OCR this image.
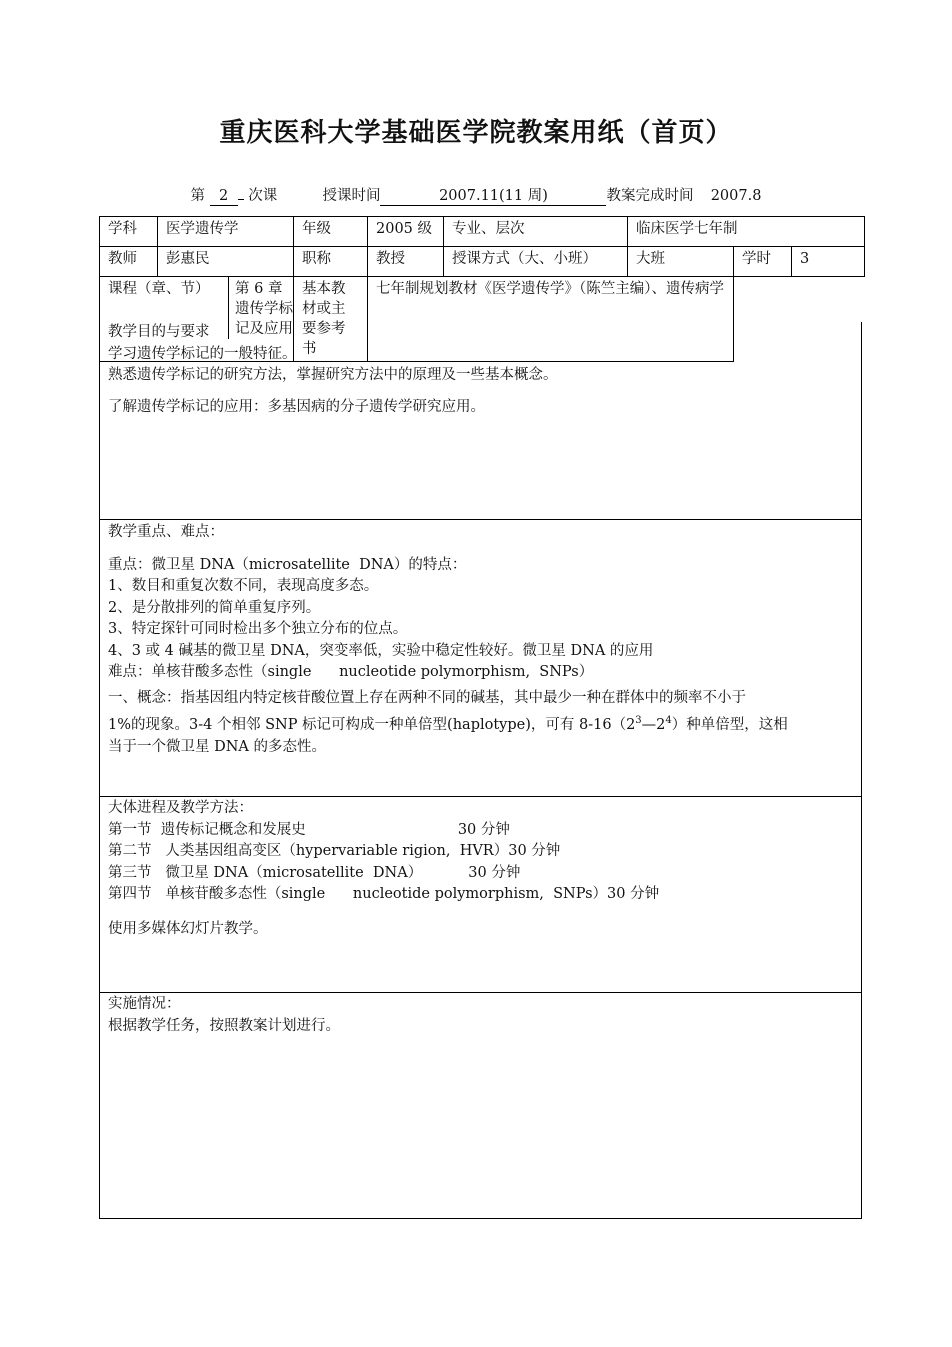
重庆医科大学基础医学院教案用纸（首页）
第 2 次课	授课时间	2007.11(11 周)	教案完成时间 2007.8
学科	医学遗传学	年级	2005 级	专业、层次	临床医学七年制		
教师	彭惠民	职称	教授	授课方式（大、小班）	大班	学时	3

课程（章、节） 第 6 章　遗传学标记及应用		基本教材或主要参考书	七年制规划教材《医学遗传学》（陈竺主编）、遗传病学				

教学目的与要求

学习遗传学标记的一般特征。

熟悉遗传学标记的研究方法，掌握研究方法中的原理及一些基本概念。

了解遗传学标记的应用：多基因病的分子遗传学研究应用。

教学重点、难点：

重点：微卫星 DNA（microsatellite  DNA）的特点：

1、数目和重复次数不同，表现高度多态。

2、是分散排列的简单重复序列。

3、特定探针可同时检出多个独立分布的位点。

4、3 或 4 碱基的微卫星 DNA，突变率低，实验中稳定性较好。微卫星 DNA 的应用

难点：单核苷酸多态性（single      nucleotide polymorphism,  SNPs）

一、概念：指基因组内特定核苷酸位置上存在两种不同的碱基，其中最少一种在群体中的频率不小于

1%的现象。3-4 个相邻 SNP 标记可构成一种单倍型(haplotype)，可有 $8-16(2^3—2^4)$种单倍型，这相

当于一个微卫星 DNA 的多态性。

大体进程及教学方法：

第一节  遗传标记概念和发展史                                 30 分钟

第二节   人类基因组高变区（hypervariable rigion,  HVR）30 分钟

第三节   微卫星 DNA（microsatellite  DNA）          30 分钟

第四节   单核苷酸多态性（single      nucleotide polymorphism,  SNPs）30 分钟

使用多媒体幻灯片教学。

实施情况：

根据教学任务，按照教案计划进行。
